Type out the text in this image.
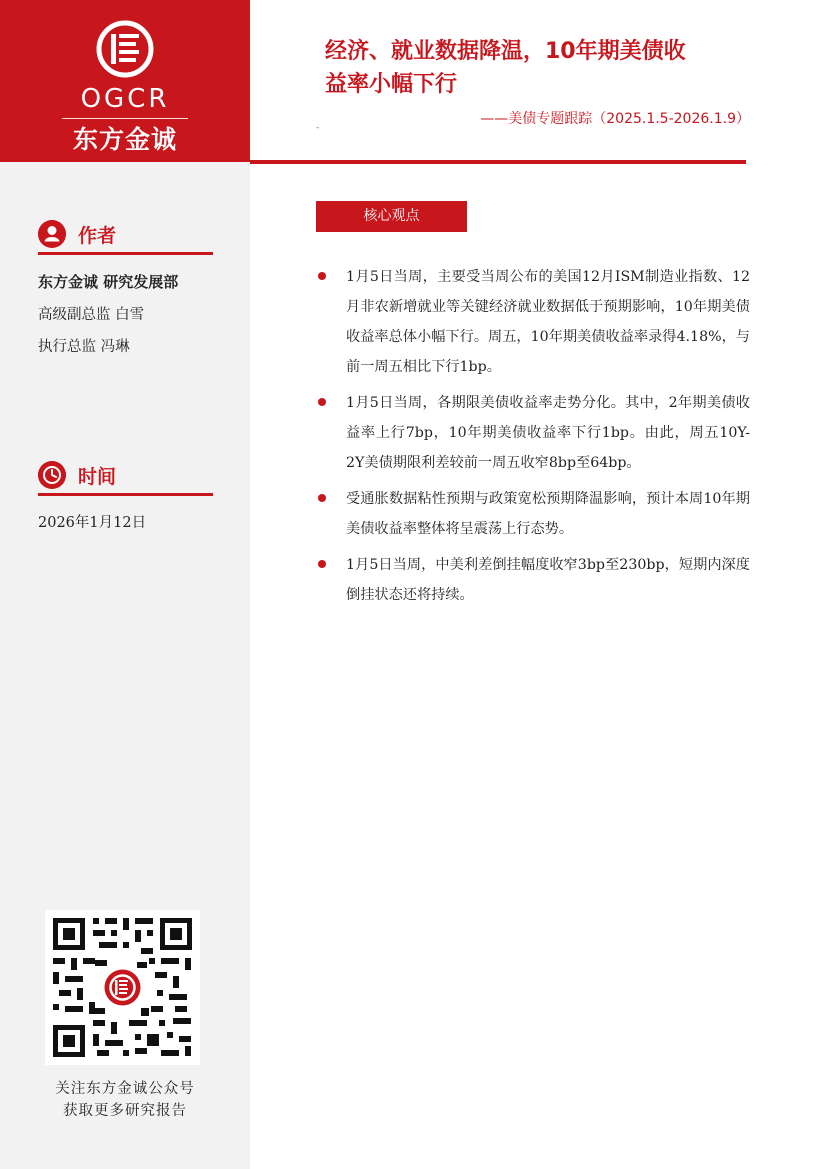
OGCR
东方金诚
经济、就业数据降温，10年期美债收
益率小幅下行
-
——美债专题跟踪（2025.1.5-2026.1.9）
作者
东方金诚 研究发展部
高级副总监 白雪
执行总监 冯琳
时间
2026年1月12日
关注东方金诚公众号
获取更多研究报告
核心观点
1月5日当周，主要受当周公布的美国12月ISM制造业指数、12月非农新增就业等关键经济就业数据低于预期影响，10年期美债收益率总体小幅下行。周五，10年期美债收益率录得4.18%，与前一周五相比下行1bp。
1月5日当周，各期限美债收益率走势分化。其中，2年期美债收益率上行7bp，10年期美债收益率下行1bp。由此，周五10Y-2Y美债期限利差较前一周五收窄8bp至64bp。
受通胀数据粘性预期与政策宽松预期降温影响，预计本周10年期美债收益率整体将呈震荡上行态势。
1月5日当周，中美利差倒挂幅度收窄3bp至230bp，短期内深度倒挂状态还将持续。
